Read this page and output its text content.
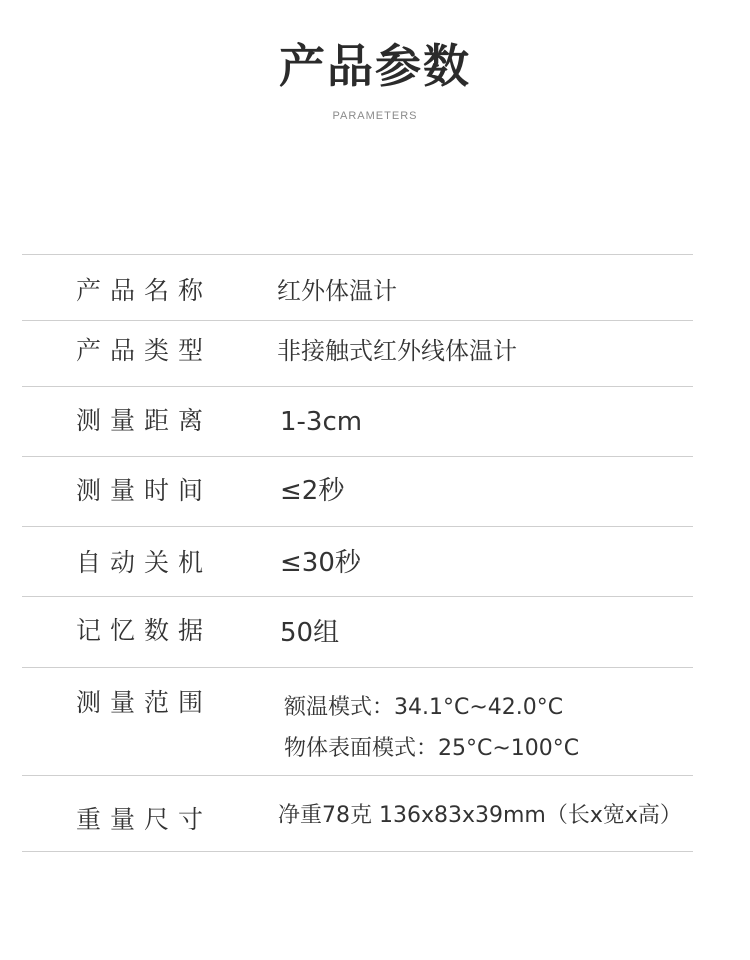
产品参数
PARAMETERS
产品名称	红外体温计
产品类型	非接触式红外线体温计
测量距离	1-3cm
测量时间	≤2秒
自动关机	≤30秒
记忆数据	50组
测量范围	额温模式：34.1°C~42.0°C
物体表面模式：25°C~100°C
重量尺寸	净重78克 136x83x39mm（长x宽x高）
